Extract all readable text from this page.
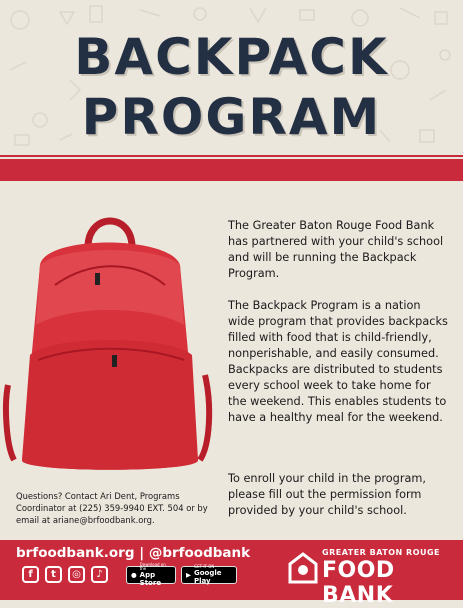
BACKPACK
PROGRAM
The Greater Baton Rouge Food Bank has partnered with your child's school and will be running the Backpack Program.
The Backpack Program is a nation wide program that provides backpacks filled with food that is child-friendly, nonperishable, and easily consumed. Backpacks are distributed to students every school week to take home for the weekend. This enables students to have a healthy meal for the weekend.
To enroll your child in the program, please fill out the permission form provided by your child's school.
Questions? Contact Ari Dent, Programs Coordinator at (225) 359-9940 EXT. 504 or by email at ariane@brfoodbank.org.
brfoodbank.org | @brfoodbank
f	t	◎	♪	●
Download on the
App Store
▶
GET IT ON
Google Play
GREATER BATON ROUGE
FOOD BANK
